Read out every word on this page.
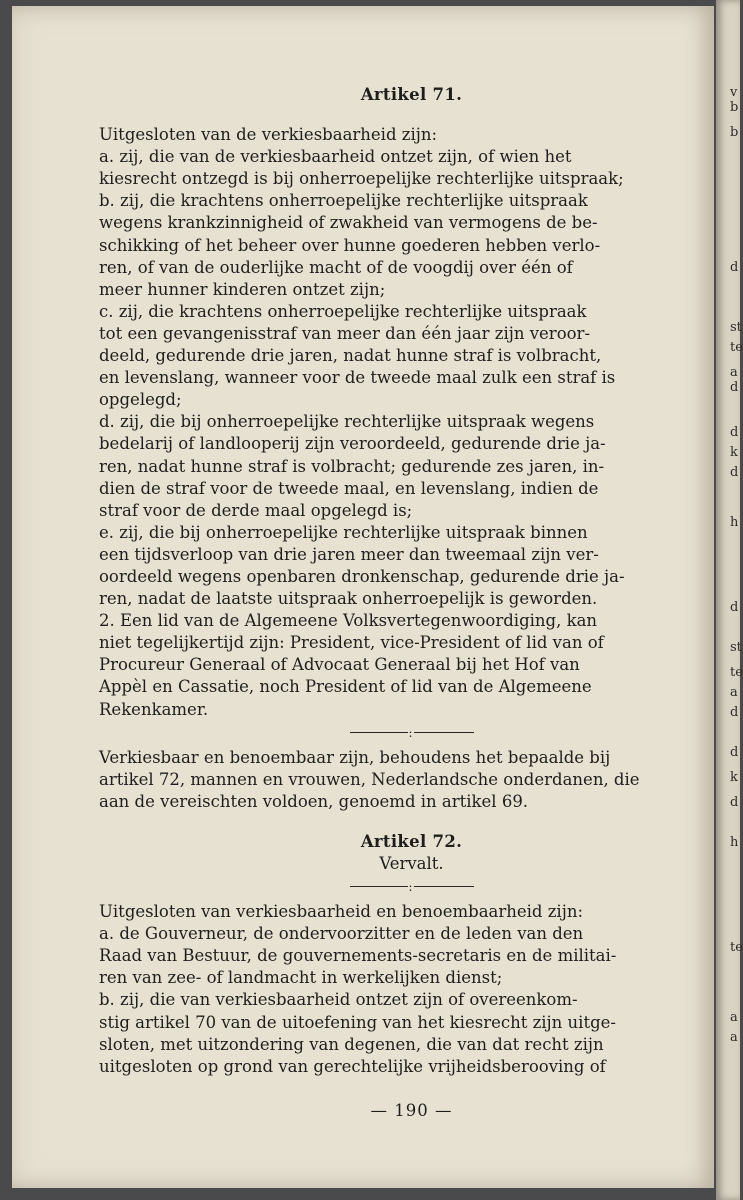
Artikel 71.
Uitgesloten van de verkiesbaarheid zijn:
a. zij, die van de verkiesbaarheid ontzet zijn, of wien het
kiesrecht ontzegd is bij onherroepelijke rechterlijke uitspraak;
b. zij, die krachtens onherroepelijke rechterlijke uitspraak
wegens krankzinnigheid of zwakheid van vermogens de be-
schikking of het beheer over hunne goederen hebben verlo-
ren, of van de ouderlijke macht of de voogdij over één of
meer hunner kinderen ontzet zijn;
c. zij, die krachtens onherroepelijke rechterlijke uitspraak
tot een gevangenisstraf van meer dan één jaar zijn veroor-
deeld, gedurende drie jaren, nadat hunne straf is volbracht,
en levenslang, wanneer voor de tweede maal zulk een straf is
opgelegd;
d. zij, die bij onherroepelijke rechterlijke uitspraak wegens
bedelarij of landlooperij zijn veroordeeld, gedurende drie ja-
ren, nadat hunne straf is volbracht; gedurende zes jaren, in-
dien de straf voor de tweede maal, en levenslang, indien de
straf voor de derde maal opgelegd is;
e. zij, die bij onherroepelijke rechterlijke uitspraak binnen
een tijdsverloop van drie jaren meer dan tweemaal zijn ver-
oordeeld wegens openbaren dronkenschap, gedurende drie ja-
ren, nadat de laatste uitspraak onherroepelijk is geworden.
2. Een lid van de Algemeene Volksvertegenwoordiging, kan
niet tegelijkertijd zijn: President, vice-President of lid van of
Procureur Generaal of Advocaat Generaal bij het Hof van
Appèl en Cassatie, noch President of lid van de Algemeene
Rekenkamer.
:
Verkiesbaar en benoembaar zijn, behoudens het bepaalde bij
artikel 72, mannen en vrouwen, Nederlandsche onderdanen, die
aan de vereischten voldoen, genoemd in artikel 69.
Artikel 72.
Vervalt.
:
Uitgesloten van verkiesbaarheid en benoembaarheid zijn:
a. de Gouverneur, de ondervoorzitter en de leden van den
Raad van Bestuur, de gouvernements-secretaris en de militai-
ren van zee- of landmacht in werkelijken dienst;
b. zij, die van verkiesbaarheid ontzet zijn of overeenkom-
stig artikel 70 van de uitoefening van het kiesrecht zijn uitge-
sloten, met uitzondering van degenen, die van dat recht zijn
uitgesloten op grond van gerechtelijke vrijheidsberooving of
— 190 —
v
b
b
d
st
te
a
d
d
k
d
h
d
st
te
a
d
d
k
d
h
te
a
a
